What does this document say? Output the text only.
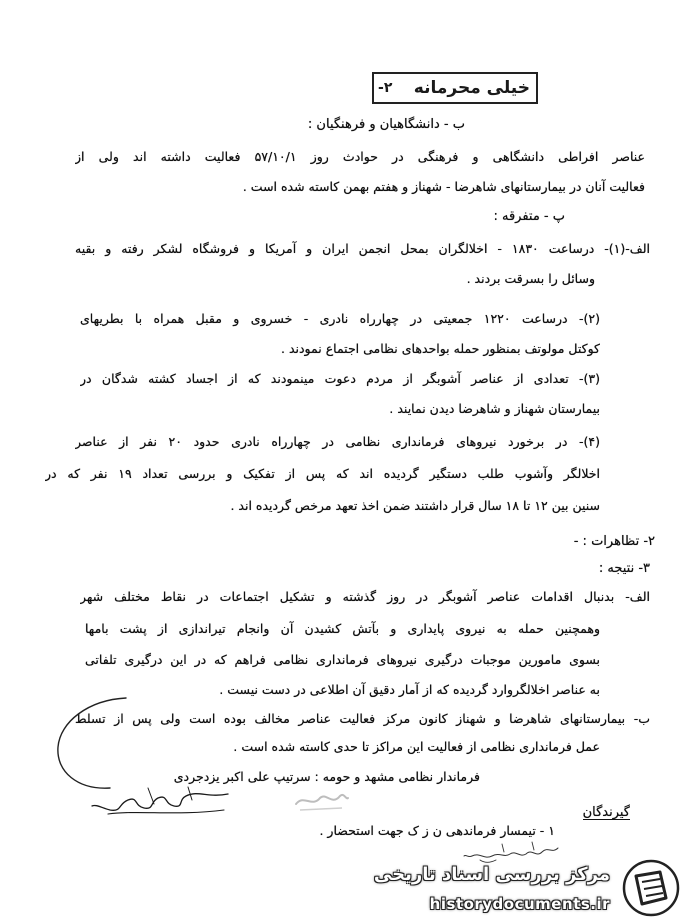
خیلی محرمانه
۲-
ب - دانشگاهیان و فرهنگیان :
عناصر افراطی دانشگاهی و فرهنگی در حوادث روز ۵۷/۱۰/۱ فعالیت داشته اند ولی از
فعالیت آنان در بیمارستانهای شاهرضا - شهناز و هفتم بهمن کاسته شده است .
پ - متفرقه :
الف-(۱)- درساعت ۱۸۳۰ - اخلالگران بمحل انجمن ایران و آمریکا و فروشگاه لشکر رفته و بقیه
وسائل را بسرقت بردند .
(۲)- درساعت ۱۲۲۰ جمعیتی در چهارراه نادری - خسروی و مقبل همراه با بطریهای
کوکتل مولوتف بمنظور حمله بواحدهای نظامی اجتماع نمودند .
(۳)- تعدادی از عناصر آشوبگر از مردم دعوت مینمودند که از اجساد کشته شدگان در
بیمارستان شهناز و شاهرضا دیدن نمایند .
(۴)- در برخورد نیروهای فرمانداری نظامی در چهارراه نادری حدود ۲۰ نفر از عناصر
اخلالگر وآشوب طلب دستگیر گردیده اند که پس از تفکیک و بررسی تعداد ۱۹ نفر که در
سنین بین ۱۲ تا ۱۸ سال قرار داشتند ضمن اخذ تعهد مرخص گردیده اند .
۲- تظاهرات : -
۳- نتیجه :
الف- بدنبال اقدامات عناصر آشوبگر در روز گذشته و تشکیل اجتماعات در نقاط مختلف شهر
وهمچنین حمله به نیروی پایداری و بآتش کشیدن آن وانجام تیراندازی از پشت بامها
بسوی مامورین موجبات درگیری نیروهای فرمانداری نظامی فراهم که در این درگیری تلفاتی
به عناصر اخلالگروارد گردیده که از آمار دقیق آن اطلاعی در دست نیست .
ب- بیمارستانهای شاهرضا و شهناز کانون مرکز فعالیت عناصر مخالف بوده است ولی پس از تسلط
عمل فرمانداری نظامی از فعالیت این مراکز تا حدی کاسته شده است .
فرماندار نظامی مشهد و حومه : سرتیپ علی اکبر یزدجردی
گیرندگان
۱ - تیمسار فرماندهی ن ز ک جهت استحضار .
مرکز بررسی اسناد تاریخی
historydocuments.ir
